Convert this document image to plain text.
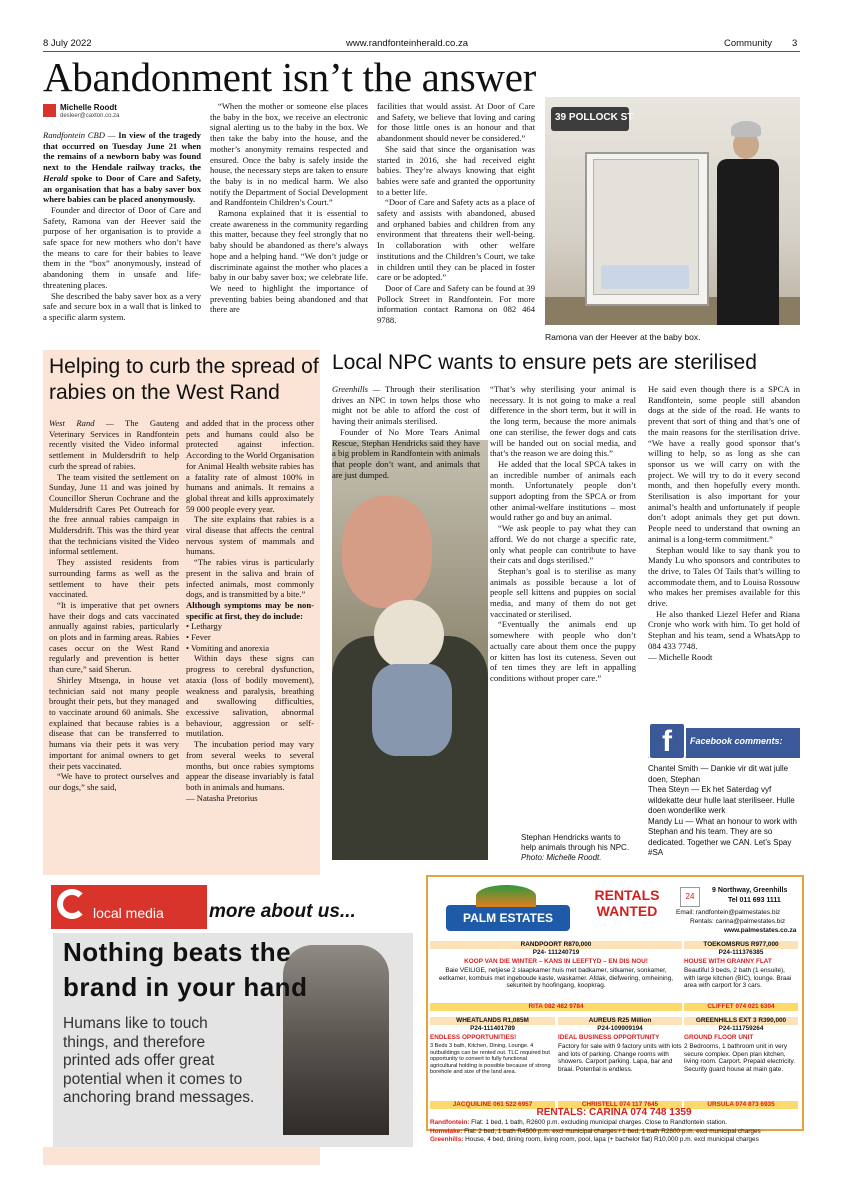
8 July 2022	www.randfonteinherald.co.za	Community 3
Abandonment isn’t the answer
Michelle Roodt
desleer@caxton.co.za

Randfontein CBD — In view of the tragedy that occurred on Tuesday June 21 when the remains of a newborn baby was found next to the Hendale railway tracks, the Herald spoke to Door of Care and Safety, an organisation that has a baby saver box where babies can be placed anonymously.

Founder and director of Door of Care and Safety, Ramona van der Heever said the purpose of her organisation is to provide a safe space for new mothers who don’t have the means to care for their babies to leave them in the “box” anonymously, instead of abandoning them in unsafe and life-threatening places.

She described the baby saver box as a very safe and secure box in a wall that is linked to a specific alarm system.

“When the mother or someone else places the baby in the box, we receive an electronic signal alerting us to the baby in the box. We then take the baby into the house, and the mother’s anonymity remains respected and ensured. Once the baby is safely inside the house, the necessary steps are taken to ensure the baby is in no medical harm. We also notify the Department of Social Development and Randfontein Children’s Court.”

Ramona explained that it is essential to create awareness in the community regarding this matter, because they feel strongly that no baby should be abandoned as there’s always hope and a helping hand. “We don’t judge or discriminate against the mother who places a baby in our baby saver box; we celebrate life. We need to highlight the importance of preventing babies being abandoned and that there are

facilities that would assist. At Door of Care and Safety, we believe that loving and caring for those little ones is an honour and that abandonment should never be considered.”

She said that since the organisation was started in 2016, she had received eight babies. They’re always knowing that eight babies were safe and granted the opportunity to a better life.

“Door of Care and Safety acts as a place of safety and assists with abandoned, abused and orphaned babies and children from any environment that threatens their well-being. In collaboration with other welfare institutions and the Children’s Court, we take in children until they can be placed in foster care or be adopted.”

Door of Care and Safety can be found at 39 Pollock Street in Randfontein. For more information contact Ramona on 082 464 9788.

39 POLLOCK ST
Ramona van der Heever at the baby box.
Helping to curb the spread of rabies on the West Rand

West Rand — The Gauteng Veterinary Services in Randfontein recently visited the Video informal settlement in Muldersdrift to help curb the spread of rabies.

The team visited the settlement on Sunday, June 11 and was joined by Councillor Sherun Cochrane and the Muldersdrift Cares Pet Outreach for the free annual rabies campaign in Muldersdrift. This was the third year that the technicians visited the Video informal settlement.

They assisted residents from surrounding farms as well as the settlement to have their pets vaccinated.

“It is imperative that pet owners have their dogs and cats vaccinated annually against rabies, particularly on plots and in farming areas. Rabies cases occur on the West Rand regularly and prevention is better than cure,” said Sherun.

Shirley Mtsenga, in house vet technician said not many people brought their pets, but they managed to vaccinate around 60 animals. She explained that because rabies is a disease that can be transferred to humans via their pets it was very important for animal owners to get their pets vaccinated.

“We have to protect ourselves and our dogs,” she said,

and added that in the process other pets and humans could also be protected against infection. According to the World Organisation for Animal Health website rabies has a fatality rate of almost 100% in humans and animals. It remains a global threat and kills approximately 59 000 people every year.

The site explains that rabies is a viral disease that affects the central nervous system of mammals and humans.

“The rabies virus is particularly present in the saliva and brain of infected animals, most commonly dogs, and is transmitted by a bite.”

Although symptoms may be non-specific at first, they do include:

• Lethargy

• Fever

• Vomiting and anorexia

Within days these signs can progress to cerebral dysfunction, ataxia (loss of bodily movement), weakness and paralysis, breathing and swallowing difficulties, excessive salivation, abnormal behaviour, aggression or self-mutilation.

The incubation period may vary from several weeks to several months, but once rabies symptoms appear the disease invariably is fatal both in animals and humans.

— Natasha Pretorius

Local NPC wants to ensure pets are sterilised

Greenhills — Through their sterilisation drives an NPC in town helps those who might not be able to afford the cost of having their animals sterilised.

Founder of No More Tears Animal Rescue, Stephan Hendricks said they have a big problem in Randfontein with animals that people don’t want, and animals that are just dumped.

“That’s why sterilising your animal is necessary. It is not going to make a real difference in the short term, but it will in the long term, because the more animals one can sterilise, the fewer dogs and cats will be handed out on social media, and that’s the reason we are doing this.”

He added that the local SPCA takes in an incredible number of animals each month. Unfortunately people don’t support adopting from the SPCA or from other animal-welfare institutions – most would rather go and buy an animal.

“We ask people to pay what they can afford. We do not charge a specific rate, only what people can contribute to have their cats and dogs sterilised.”

Stephan’s goal is to sterilise as many animals as possible because a lot of people sell kittens and puppies on social media, and many of them do not get vaccinated or sterilised.

“Eventually the animals end up somewhere with people who don’t actually care about them once the puppy or kitten has lost its cuteness. Seven out of ten times they are left in appalling conditions without proper care.”

He said even though there is a SPCA in Randfontein, some people still abandon dogs at the side of the road. He wants to prevent that sort of thing and that’s one of the main reasons for the sterilisation drive. “We have a really good sponsor that’s willing to help, so as long as she can sponsor us we will carry on with the project. We will try to do it every second month, and then hopefully every month. Sterilisation is also important for your animal’s health and unfortunately if people don’t adopt animals they get put down. People need to understand that owning an animal is a long-term commitment.”

Stephan would like to say thank you to Mandy Lu who sponsors and contributes to the drive, to Tales Of Tails that’s willing to accommodate them, and to Louisa Rossouw who makes her premises available for this drive.

He also thanked Liezel Hefer and Riana Cronje who work with him. To get hold of Stephan and his team, send a WhatsApp to 084 433 7748.

— Michelle Roodt

Stephan Hendricks wants to help animals through his NPC. Photo: Michelle Roodt.
f	Facebook comments:
Chantel Smith — Dankie vir dit wat julle doen, Stephan
Thea Steyn — Ek het Saterdag vyf wildekatte deur hulle laat steriliseer. Hulle doen wonderlike werk
Mandy Lu — What an honour to work with Stephan and his team. They are so dedicated. Together we CAN. Let’s Spay #SA
local media more about us...
Nothing beats the brand in your hand
Humans like to touch things, and therefore printed ads offer great potential when it comes to anchoring brand messages.
PALM ESTATES
RENTALS WANTED
24
9 Northway, Greenhills
Tel 011 693 1111
Email: randfontein@palmestates.biz
Rentals: carina@palmestates.biz
www.palmestates.co.za
RANDPOORT R870,000
P24- 111240719
KOOP VAN DIE WINTER – KANS IN LEEFTYD – EN DIS NOU!
Baie VEILIGE, netjiese 2 slaapkamer huis met badkamer, sitkamer, sonkamer, eetkamer, kombuis met ingeboude kaste, waskamer. Afdak, diefwering, omheining, sekuriteit by hoofingang, koopkrag.
RITA 082 482 9784
TOEKOMSRUS R977,000
P24-111376385
HOUSE WITH GRANNY FLAT
Beautiful 3 beds, 2 bath (1 ensuite), with large kitchen (BIC), lounge. Braai area with carport for 3 cars.
CLIFFET 074 021 6304
WHEATLANDS R1,085M
P24-111401789
ENDLESS OPPORTUNITIES!
3 Beds 3 bath, Kitchen, Dining, Lounge. 4 outbuildings can be rented out. TLC required but opportunity to convert to fully functional agricultural holding is possible because of strong borehole and size of the land area.
JACQUILINE 061 522 6957
AUREUS R25 Million
P24-109909194
IDEAL BUSINESS OPPORTUNITY
Factory for sale with 9 factory units with lots and lots of parking. Change rooms with showers. Carport parking. Lapa, bar and braai. Potential is endless.
CHRISTELL 074 117 7645
GREENHILLS EXT 3 R390,000
P24-111759264
GROUND FLOOR UNIT
2 Bedrooms, 1 bathroom unit in very secure complex. Open plan kitchen, living room. Carport. Prepaid electricity. Security guard house at main gate.
URSULA 074 873 6935
RENTALS: CARINA 074 748 1359
Randfontein: Flat: 1 bed, 1 bath, R2600 p.m. excluding municipal charges. Close to Randfontein station.
Homelake: Flat: 2 bed, 1 bath R4500 p.m. excl municipal charges / 1 bed, 1 bath R2800 p.m. excl municipal charges
Greenhills: House, 4 bed, dining room, living room, pool, lapa (+ bachelor flat) R10,000 p.m. excl municipal charges
